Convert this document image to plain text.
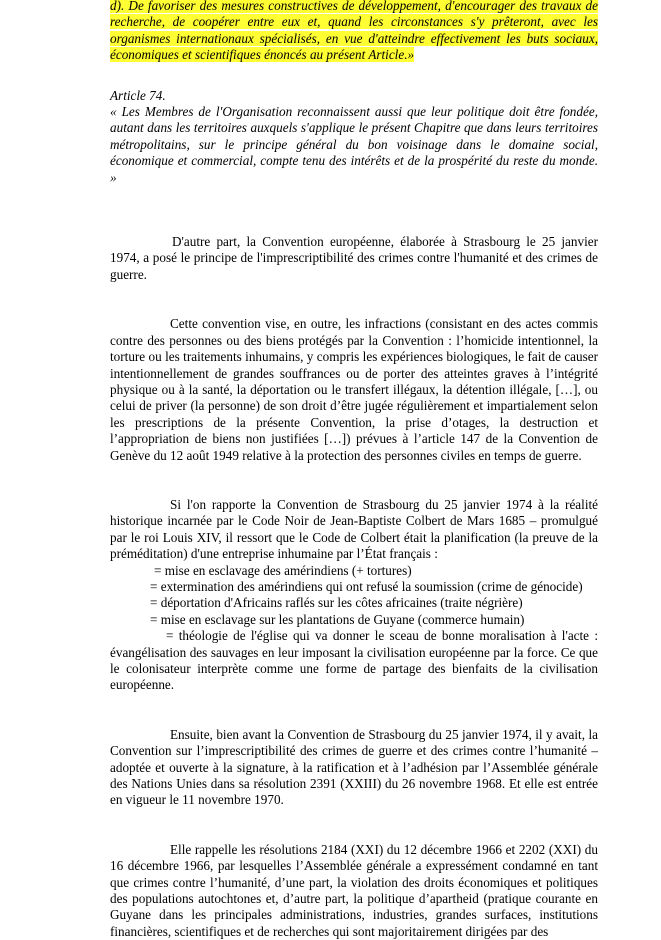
d). De favoriser des mesures constructives de développement, d'encourager des travaux de recherche, de coopérer entre eux et, quand les circonstances s'y prêteront, avec les organismes internationaux spécialisés, en vue d'atteindre effectivement les buts sociaux, économiques et scientifiques énoncés au présent Article.»

Article 74.

« Les Membres de l'Organisation reconnaissent aussi que leur politique doit être fondée, autant dans les territoires auxquels s'applique le présent Chapitre que dans leurs territoires métropolitains, sur le principe général du bon voisinage dans le domaine social, économique et commercial, compte tenu des intérêts et de la prospérité du reste du monde. »

D'autre part, la Convention européenne, élaborée à Strasbourg le 25 janvier 1974, a posé le principe de l'imprescriptibilité des crimes contre l'humanité et des crimes de guerre.

Cette convention vise, en outre, les infractions (consistant en des actes commis contre des personnes ou des biens protégés par la Convention : l’homicide intentionnel, la torture ou les traitements inhumains, y compris les expériences biologiques, le fait de causer intentionnellement de grandes souffrances ou de porter des atteintes graves à l’intégrité physique ou à la santé, la déportation ou le transfert illégaux, la détention illégale, […], ou celui de priver (la personne) de son droit d’être jugée régulièrement et impartialement selon les prescriptions de la présente Convention, la prise d’otages, la destruction et l’appropriation de biens non justifiées […]) prévues à l’article 147 de la Convention de Genève du 12 août 1949 relative à la protection des personnes civiles en temps de guerre.

Si l'on rapporte la Convention de Strasbourg du 25 janvier 1974 à la réalité historique incarnée par le Code Noir de Jean-Baptiste Colbert de Mars 1685 – promulgué par le roi Louis XIV, il ressort que le Code de Colbert était la planification (la preuve de la préméditation) d'une entreprise inhumaine par l’État français :

= mise en esclavage des amérindiens (+ tortures)
= extermination des amérindiens qui ont refusé la soumission (crime de génocide)
= déportation d'Africains raflés sur les côtes africaines (traite négrière)
= mise en esclavage sur les plantations de Guyane (commerce humain)

= théologie de l'église qui va donner le sceau de bonne moralisation à l'acte : évangélisation des sauvages en leur imposant la civilisation européenne par la force. Ce que le colonisateur interprète comme une forme de partage des bienfaits de la civilisation européenne.

Ensuite, bien avant la Convention de Strasbourg du 25 janvier 1974, il y avait, la Convention sur l’imprescriptibilité des crimes de guerre et des crimes contre l’humanité – adoptée et ouverte à la signature, à la ratification et à l’adhésion par l’Assemblée générale des Nations Unies dans sa résolution 2391 (XXIII) du 26 novembre 1968. Et elle est entrée en vigueur le 11 novembre 1970.

Elle rappelle les résolutions 2184 (XXI) du 12 décembre 1966 et 2202 (XXI) du 16 décembre 1966, par lesquelles l’Assemblée générale a expressément condamné en tant que crimes contre l’humanité, d’une part, la violation des droits économiques et politiques des populations autochtones et, d’autre part, la politique d’apartheid (pratique courante en Guyane dans les principales administrations, industries, grandes surfaces, institutions financières, scientifiques et de recherches qui sont majoritairement dirigées par des
